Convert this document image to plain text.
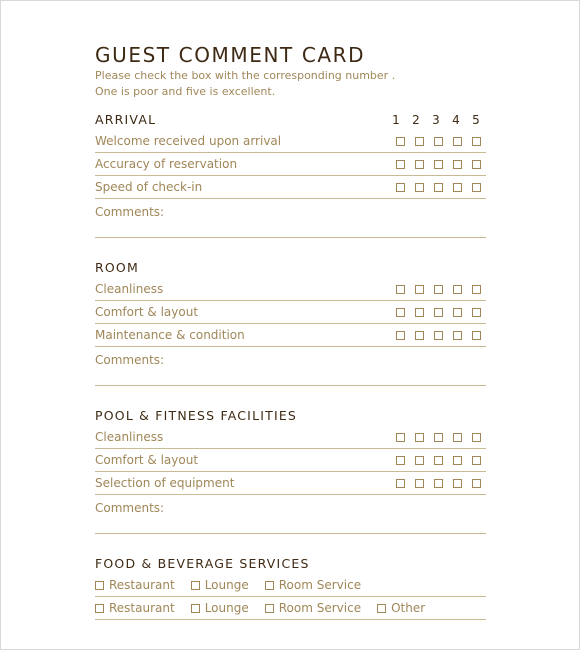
GUEST COMMENT CARD
Please check the box with the corresponding number .
One is poor and five is excellent.
ARRIVAL	1	2	3	4	5
Welcome received upon arrival
Accuracy of reservation
Speed of check-in
Comments:
ROOM
Cleanliness
Comfort & layout
Maintenance & condition
Comments:
POOL & FITNESS FACILITIES
Cleanliness
Comfort & layout
Selection of equipment
Comments:
FOOD & BEVERAGE SERVICES
Restaurant	Lounge	Room Service
Restaurant	Lounge	Room Service	Other
